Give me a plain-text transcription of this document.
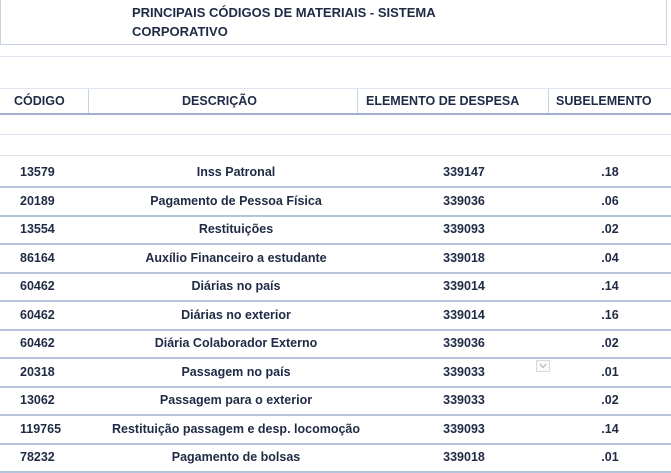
PRINCIPAIS CÓDIGOS DE MATERIAIS - SISTEMA CORPORATIVO
CÓDIGO	DESCRIÇÃO	ELEMENTO DE DESPESA	SUBELEMENTO
13579	Inss Patronal	339147	.18
20189	Pagamento de Pessoa Física	339036	.06
13554	Restituições	339093	.02
86164	Auxílio Financeiro a estudante	339018	.04
60462	Diárias no país	339014	.14
60462	Diárias no exterior	339014	.16
60462	Diária Colaborador Externo	339036	.02
20318	Passagem no país	339033	.01
13062	Passagem para o exterior	339033	.02
119765	Restituição passagem e desp. locomoção	339093	.14
78232	Pagamento de bolsas	339018	.01
